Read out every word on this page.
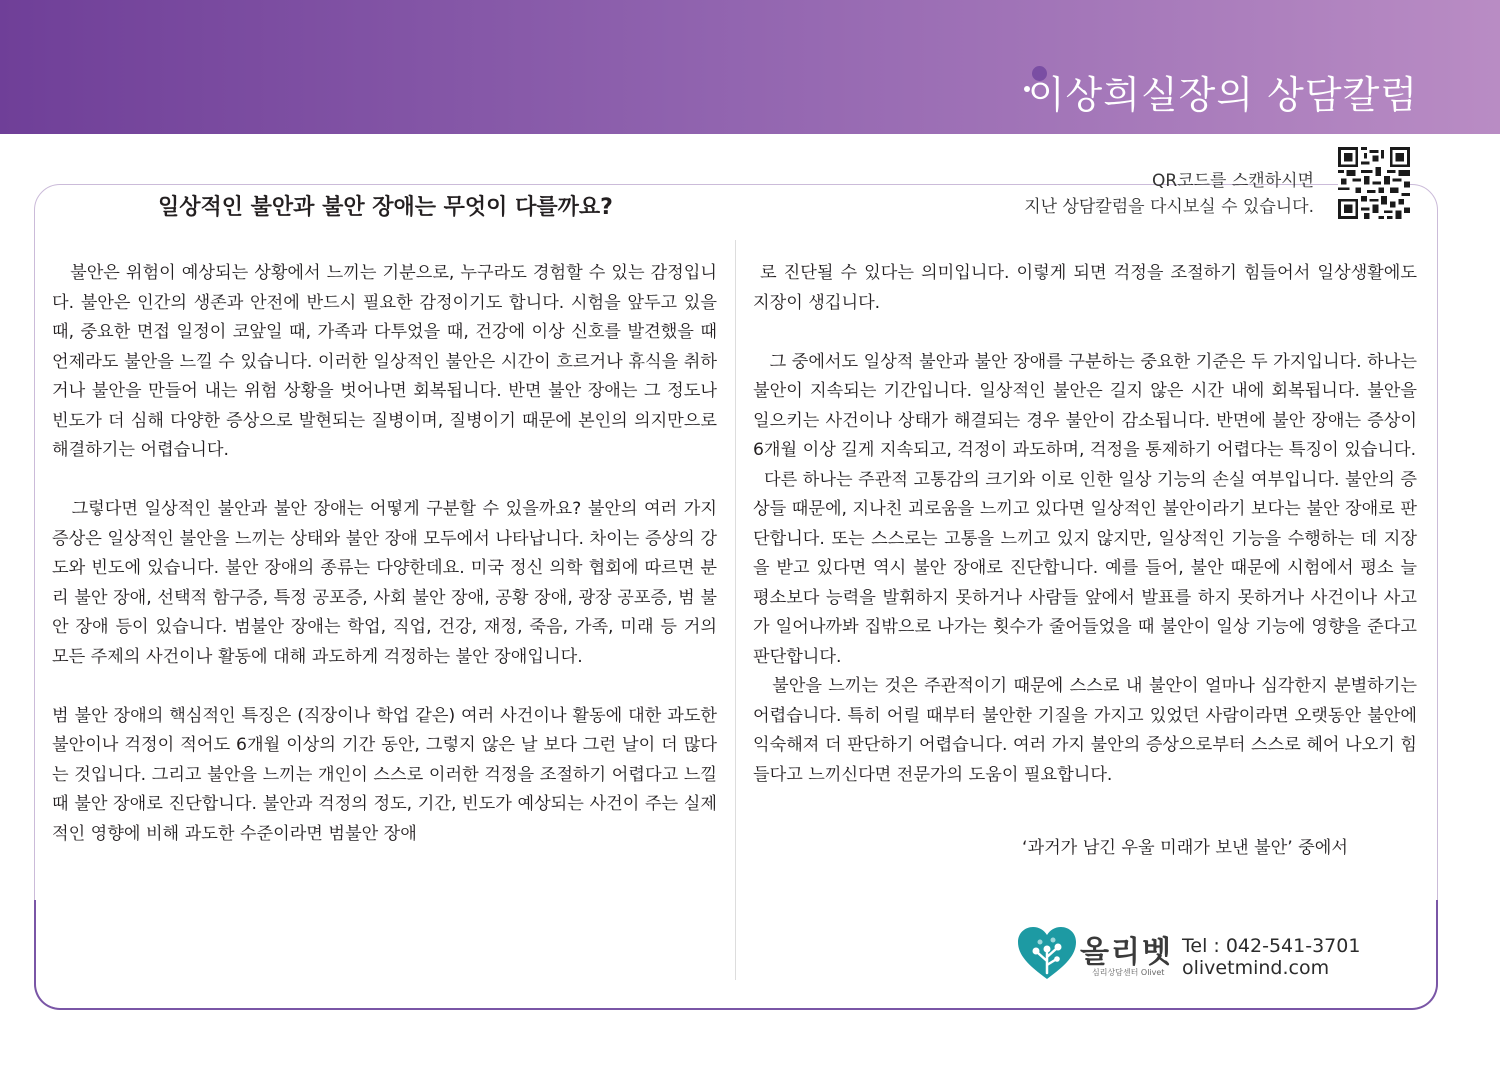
이상희실장의 상담칼럼
일상적인 불안과 불안 장애는 무엇이 다를까요?
QR코드를 스캔하시면
지난 상담칼럼을 다시보실 수 있습니다.

불안은 위험이 예상되는 상황에서 느끼는 기분으로, 누구라도 경험할 수 있는 감정입니다. 불안은 인간의 생존과 안전에 반드시 필요한 감정이기도 합니다. 시험을 앞두고 있을 때, 중요한 면접 일정이 코앞일 때, 가족과 다투었을 때, 건강에 이상 신호를 발견했을 때 언제라도 불안을 느낄 수 있습니다. 이러한 일상적인 불안은 시간이 흐르거나 휴식을 취하거나 불안을 만들어 내는 위험 상황을 벗어나면 회복됩니다. 반면 불안 장애는 그 정도나 빈도가 더 심해 다양한 증상으로 발현되는 질병이며, 질병이기 때문에 본인의 의지만으로 해결하기는 어렵습니다.

그렇다면 일상적인 불안과 불안 장애는 어떻게 구분할 수 있을까요? 불안의 여러 가지 증상은 일상적인 불안을 느끼는 상태와 불안 장애 모두에서 나타납니다. 차이는 증상의 강도와 빈도에 있습니다. 불안 장애의 종류는 다양한데요. 미국 정신 의학 협회에 따르면 분리 불안 장애, 선택적 함구증, 특정 공포증, 사회 불안 장애, 공황 장애, 광장 공포증, 범 불안 장애 등이 있습니다. 범불안 장애는 학업, 직업, 건강, 재정, 죽음, 가족, 미래 등 거의 모든 주제의 사건이나 활동에 대해 과도하게 걱정하는 불안 장애입니다.

범 불안 장애의 핵심적인 특징은 (직장이나 학업 같은) 여러 사건이나 활동에 대한 과도한 불안이나 걱정이 적어도 6개월 이상의 기간 동안, 그렇지 않은 날 보다 그런 날이 더 많다는 것입니다. 그리고 불안을 느끼는 개인이 스스로 이러한 걱정을 조절하기 어렵다고 느낄 때 불안 장애로 진단합니다. 불안과 걱정의 정도, 기간, 빈도가 예상되는 사건이 주는 실제적인 영향에 비해 과도한 수준이라면 범불안 장애

로 진단될 수 있다는 의미입니다. 이렇게 되면 걱정을 조절하기 힘들어서 일상생활에도 지장이 생깁니다.

그 중에서도 일상적 불안과 불안 장애를 구분하는 중요한 기준은 두 가지입니다. 하나는 불안이 지속되는 기간입니다. 일상적인 불안은 길지 않은 시간 내에 회복됩니다. 불안을 일으키는 사건이나 상태가 해결되는 경우 불안이 감소됩니다. 반면에 불안 장애는 증상이 6개월 이상 길게 지속되고, 걱정이 과도하며, 걱정을 통제하기 어렵다는 특징이 있습니다.

다른 하나는 주관적 고통감의 크기와 이로 인한 일상 기능의 손실 여부입니다. 불안의 증상들 때문에, 지나친 괴로움을 느끼고 있다면 일상적인 불안이라기 보다는 불안 장애로 판단합니다. 또는 스스로는 고통을 느끼고 있지 않지만, 일상적인 기능을 수행하는 데 지장을 받고 있다면 역시 불안 장애로 진단합니다. 예를 들어, 불안 때문에 시험에서 평소 늘 평소보다 능력을 발휘하지 못하거나 사람들 앞에서 발표를 하지 못하거나 사건이나 사고가 일어나까봐 집밖으로 나가는 횟수가 줄어들었을 때 불안이 일상 기능에 영향을 준다고 판단합니다.

불안을 느끼는 것은 주관적이기 때문에 스스로 내 불안이 얼마나 심각한지 분별하기는 어렵습니다. 특히 어릴 때부터 불안한 기질을 가지고 있었던 사람이라면 오랫동안 불안에 익숙해져 더 판단하기 어렵습니다. 여러 가지 불안의 증상으로부터 스스로 헤어 나오기 힘들다고 느끼신다면 전문가의 도움이 필요합니다.

‘과거가 남긴 우울 미래가 보낸 불안’ 중에서

올리벳
심리상담센터 Olivet
Tel : 042-541-3701
olivetmind.com
